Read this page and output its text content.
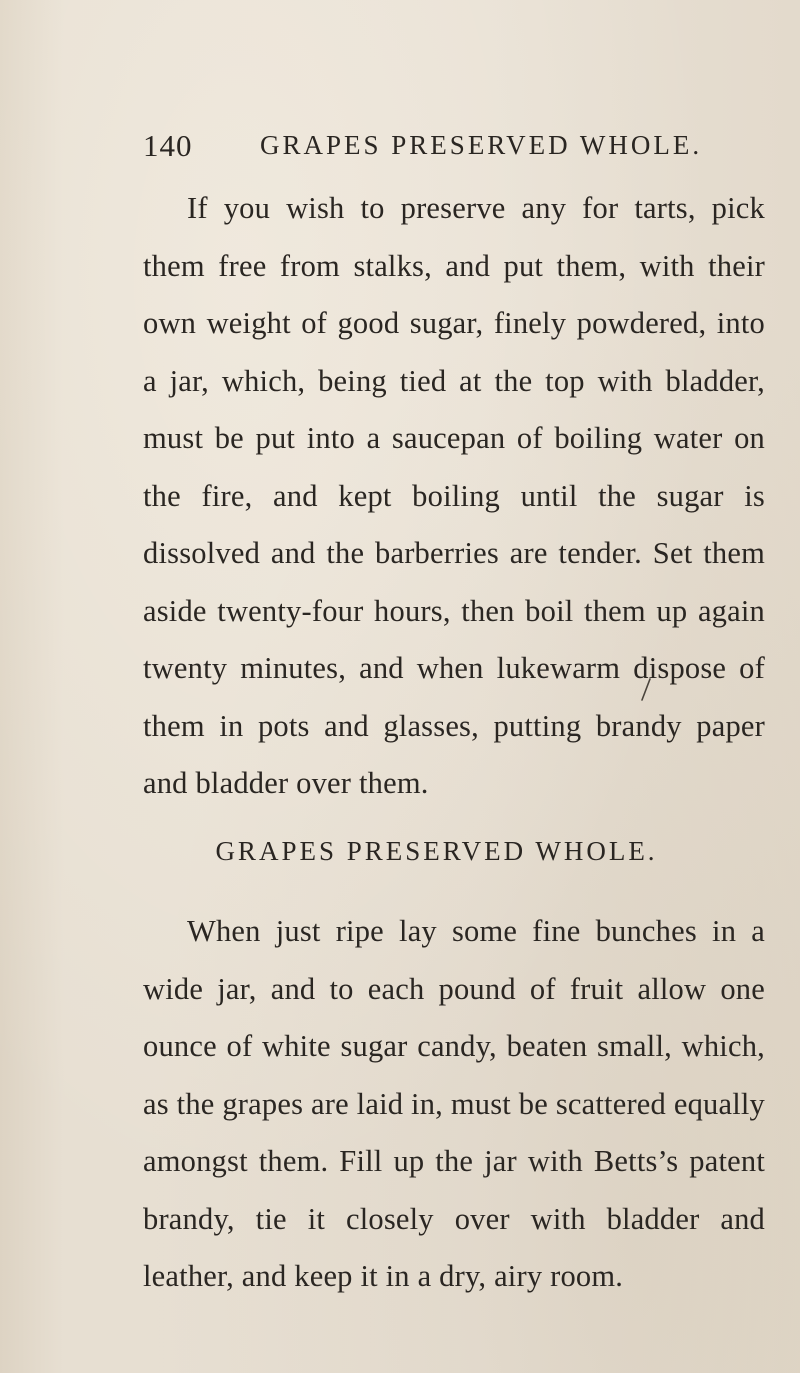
140	GRAPES PRESERVED WHOLE.

If you wish to preserve any for tarts, pick them free from stalks, and put them, with their own weight of good sugar, finely powdered, into a jar, which, being tied at the top with bladder, must be put into a saucepan of boiling water on the fire, and kept boiling until the sugar is dissolved and the barberries are tender. Set them aside twenty-four hours, then boil them up again twenty minutes, and when lukewarm dispose of them in pots and glasses, putting brandy paper and bladder over them.

GRAPES PRESERVED WHOLE.

When just ripe lay some fine bunches in a wide jar, and to each pound of fruit allow one ounce of white sugar candy, beaten small, which, as the grapes are laid in, must be scattered equally amongst them. Fill up the jar with Betts’s patent brandy, tie it closely over with bladder and leather, and keep it in a dry, airy room.
